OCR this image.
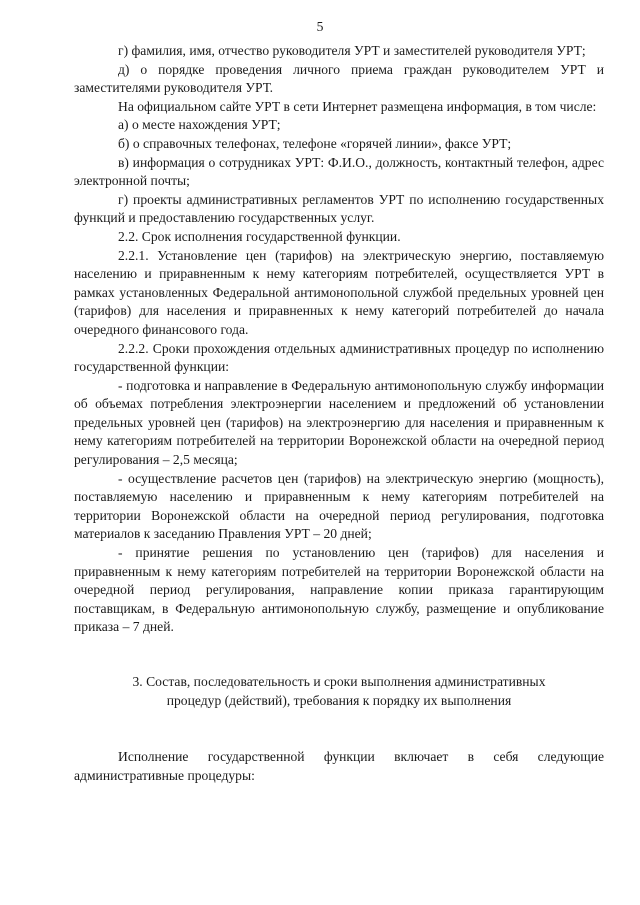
5

г) фамилия, имя, отчество руководителя УРТ и заместителей руководителя УРТ;

д) о порядке проведения личного приема граждан руководителем УРТ и заместителями руководителя УРТ.

На официальном сайте УРТ в сети Интернет размещена информация, в том числе:

а) о месте нахождения УРТ;

б) о справочных телефонах, телефоне «горячей линии», факсе УРТ;

в) информация о сотрудниках УРТ: Ф.И.О., должность, контактный телефон, адрес электронной почты;

г) проекты административных регламентов УРТ по исполнению государственных функций и предоставлению государственных услуг.

2.2. Срок исполнения государственной функции.

2.2.1. Установление цен (тарифов) на электрическую энергию, поставляемую населению и приравненным к нему категориям потребителей, осуществляется УРТ в рамках установленных Федеральной антимонопольной службой предельных уровней цен (тарифов) для населения и приравненных к нему категорий потребителей до начала очередного финансового года.

2.2.2. Сроки прохождения отдельных административных процедур по исполнению государственной функции:

- подготовка и направление в Федеральную антимонопольную службу информации об объемах потребления электроэнергии населением и предложений об установлении предельных уровней цен (тарифов) на электроэнергию для населения и приравненным к нему категориям потребителей на территории Воронежской области на очередной период регулирования – 2,5 месяца;

- осуществление расчетов цен (тарифов) на электрическую энергию (мощность), поставляемую населению и приравненным к нему категориям потребителей на территории Воронежской области на очередной период регулирования, подготовка материалов к заседанию Правления УРТ – 20 дней;

- принятие решения по установлению цен (тарифов) для населения и приравненным к нему категориям потребителей на территории Воронежской области на очередной период регулирования, направление копии приказа гарантирующим поставщикам, в Федеральную антимонопольную службу, размещение и опубликование приказа – 7 дней.

3. Состав, последовательность и сроки выполнения административных

процедур (действий), требования к порядку их выполнения

Исполнение государственной функции включает в себя следующие административные процедуры:
